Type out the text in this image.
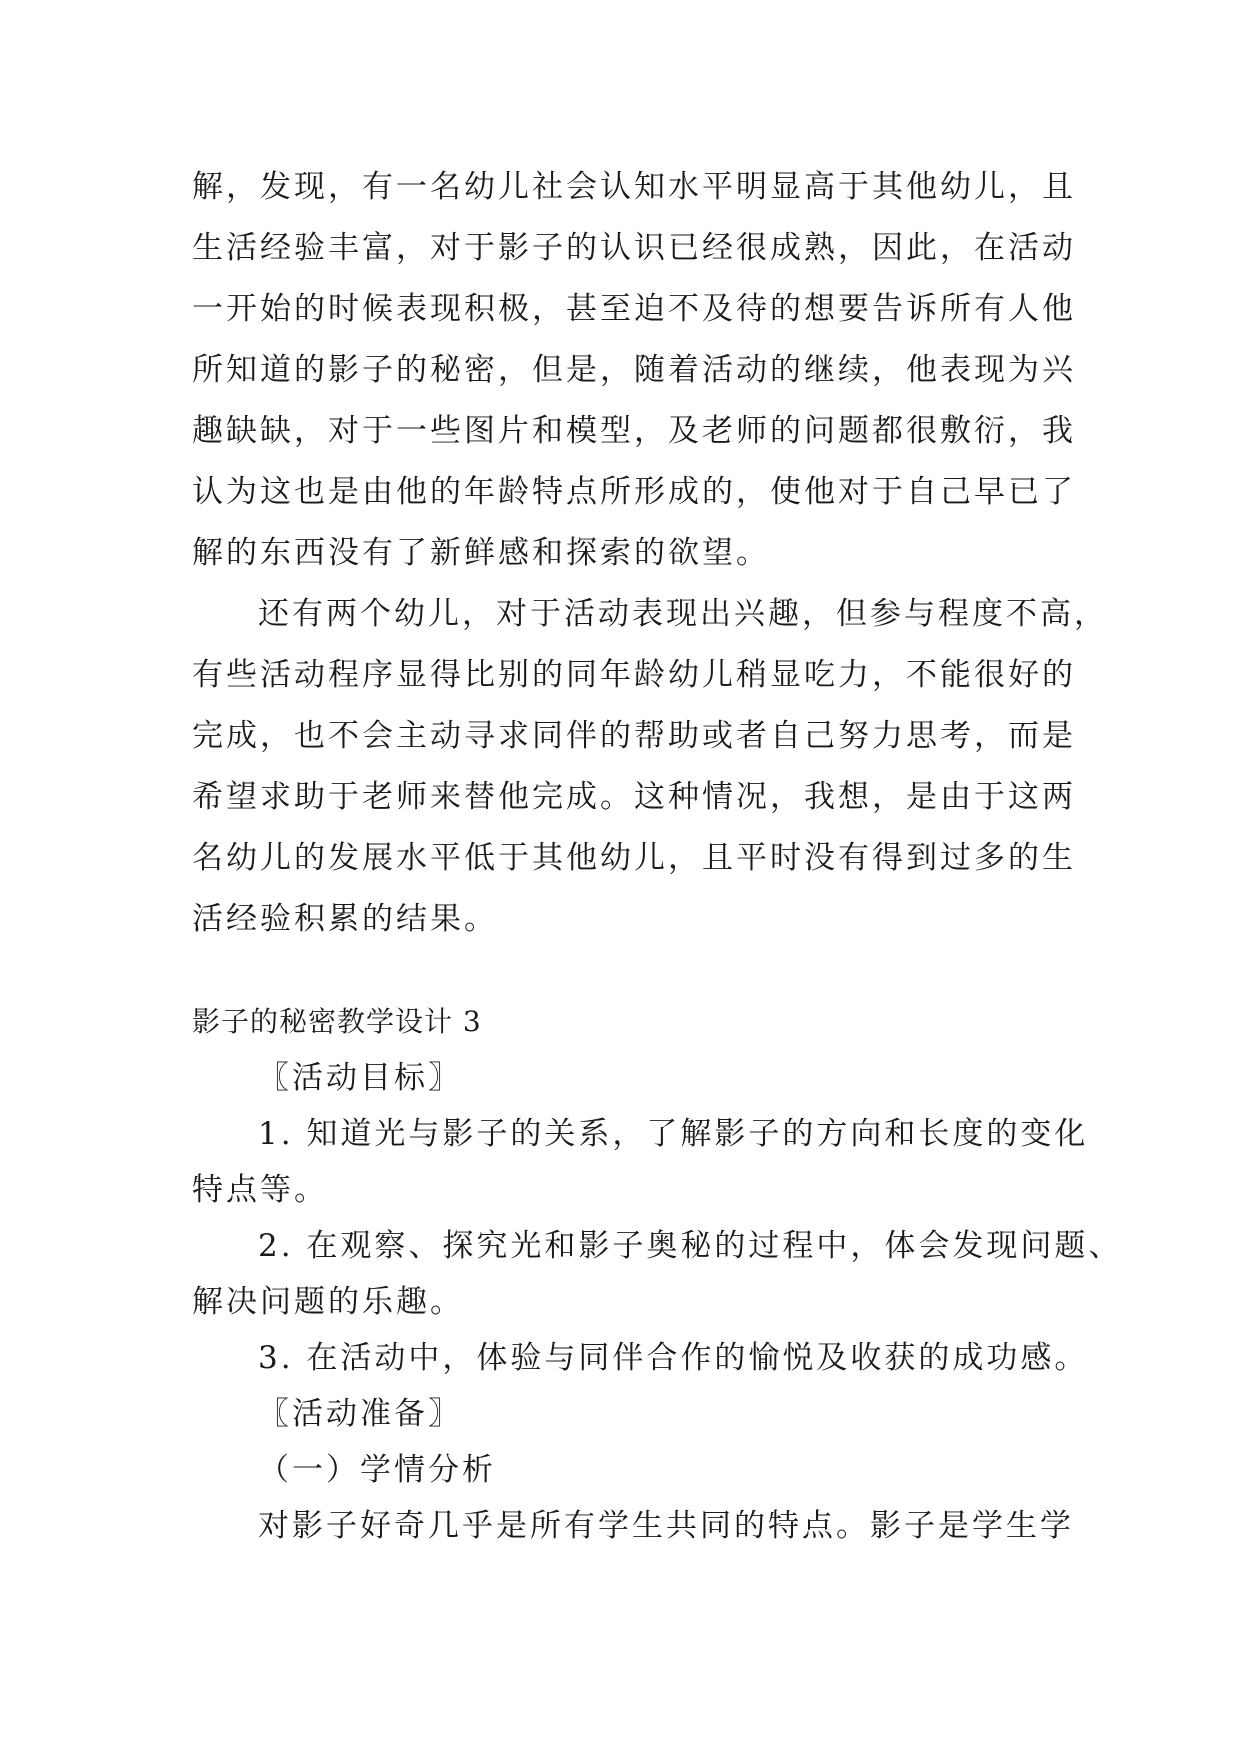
解，发现，有一名幼儿社会认知水平明显高于其他幼儿，且
生活经验丰富，对于影子的认识已经很成熟，因此，在活动
一开始的时候表现积极，甚至迫不及待的想要告诉所有人他
所知道的影子的秘密，但是，随着活动的继续，他表现为兴
趣缺缺，对于一些图片和模型，及老师的问题都很敷衍，我
认为这也是由他的年龄特点所形成的，使他对于自己早已了
解的东西没有了新鲜感和探索的欲望。
还有两个幼儿，对于活动表现出兴趣，但参与程度不高，
有些活动程序显得比别的同年龄幼儿稍显吃力，不能很好的
完成，也不会主动寻求同伴的帮助或者自己努力思考，而是
希望求助于老师来替他完成。这种情况，我想，是由于这两
名幼儿的发展水平低于其他幼儿，且平时没有得到过多的生
活经验积累的结果。
影子的秘密教学设计 3
〖活动目标〗
1. 知道光与影子的关系，了解影子的方向和长度的变化
特点等。
2. 在观察、探究光和影子奥秘的过程中，体会发现问题、
解决问题的乐趣。
3. 在活动中，体验与同伴合作的愉悦及收获的成功感。
〖活动准备〗
（一）学情分析
对影子好奇几乎是所有学生共同的特点。影子是学生学
